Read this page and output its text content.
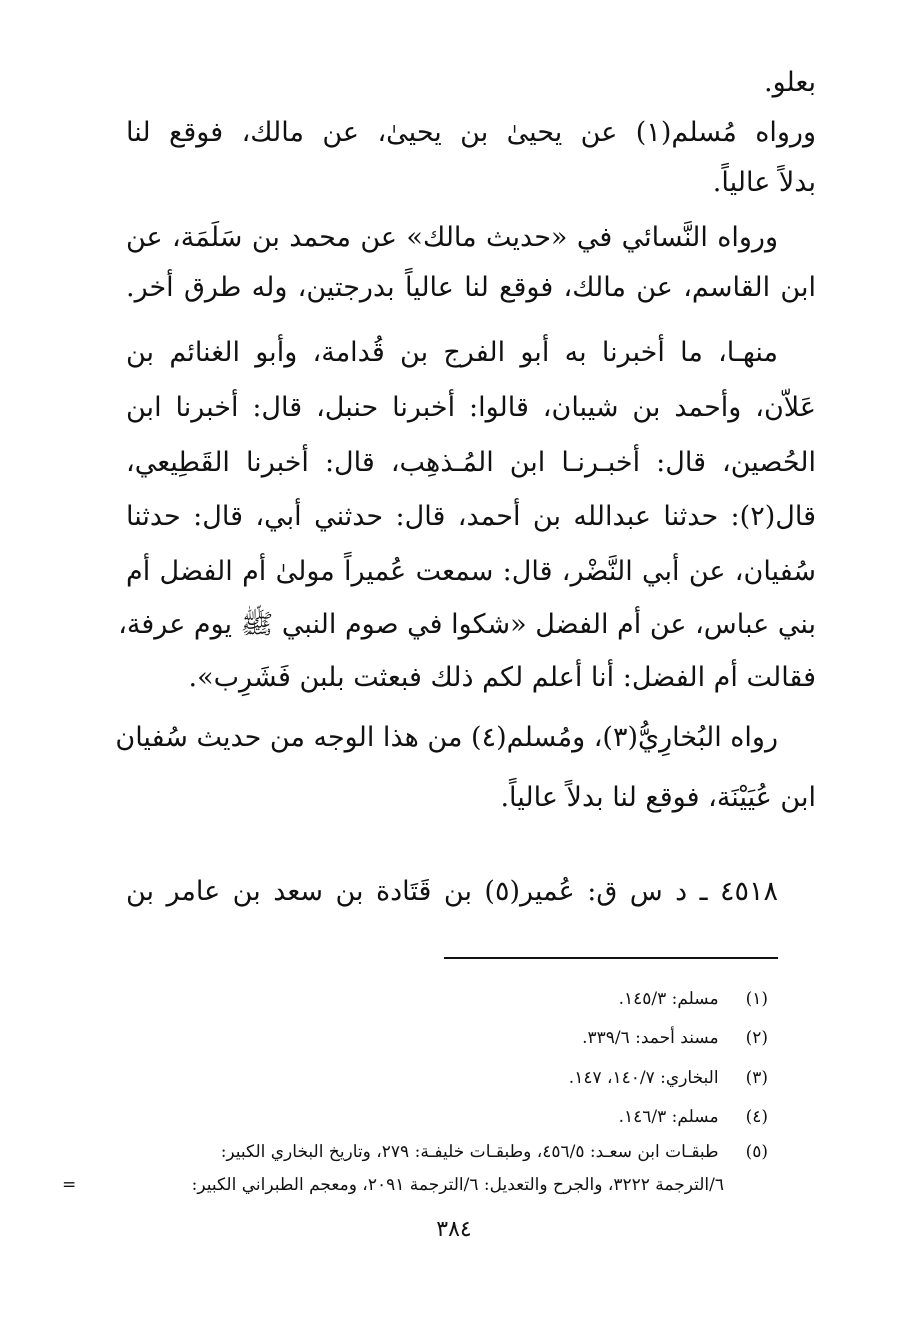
بعلو.
ورواه مُسلم(١) عن يحيىٰ بن يحيىٰ، عن مالك، فوقع لنا
بدلاً عالياً.
ورواه النَّسائي في «حديث مالك» عن محمد بن سَلَمَة، عن
ابن القاسم، عن مالك، فوقع لنا عالياً بدرجتين، وله طرق أخر.
منهـا، ما أخبرنا به أبو الفرج بن قُدامة، وأبو الغنائم بن
عَلاّن، وأحمد بن شيبان، قالوا: أخبرنا حنبل، قال: أخبرنا ابن
الحُصين، قال: أخبـرنـا ابن المُـذهِب، قال: أخبرنا القَطِيعي،
قال(٢): حدثنا عبدالله بن أحمد، قال: حدثني أبي، قال: حدثنا
سُفيان، عن أبي النَّضْر، قال: سمعت عُميراً مولىٰ أم الفضل أم
بني عباس، عن أم الفضل «شكوا في صوم النبي ﷺ يوم عرفة،
فقالت أم الفضل: أنا أعلم لكم ذلك فبعثت بلبن فَشَرِب».
رواه البُخارِيُّ(٣)، ومُسلم(٤) من هذا الوجه من حديث سُفيان
ابن عُيَيْنَة، فوقع لنا بدلاً عالياً.
٤٥١٨ ـ د س ق: عُمير(٥) بن قَتَادة بن سعد بن عامر بن
(١) مسلم: ١٤٥/٣.
(٢) مسند أحمد: ٣٣٩/٦.
(٣) البخاري: ١٤٠/٧، ١٤٧.
(٤) مسلم: ١٤٦/٣.
(٥) طبقـات ابن سعـد: ٤٥٦/٥، وطبقـات خليفـة: ٢٧٩، وتاريخ البخاري الكبير:
٦/الترجمة ٣٢٢٢، والجرح والتعديل: ٦/الترجمة ٢٠٩١، ومعجم الطبراني الكبير:
=
٣٨٤
